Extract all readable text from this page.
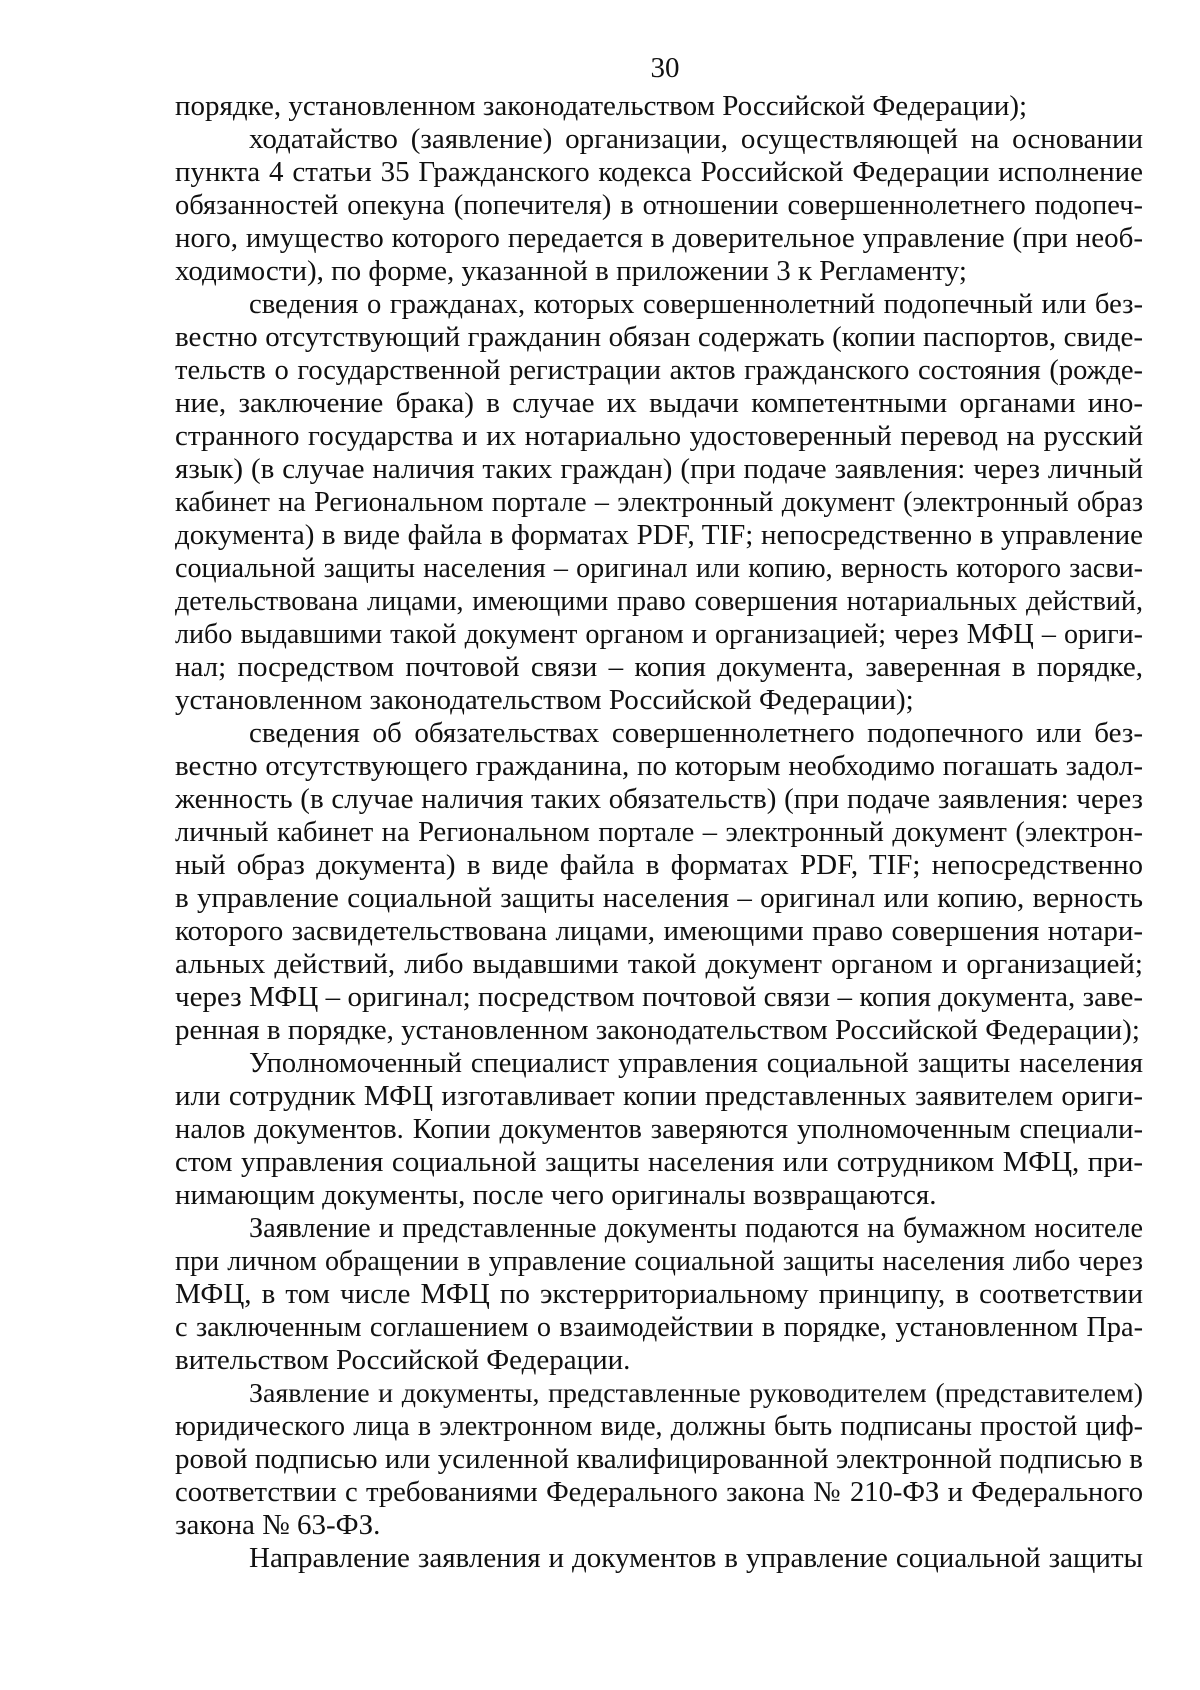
30
порядке, установленном законодательством Российской Федерации);
ходатайство (заявление) организации, осуществляющей на основании
пункта 4 статьи 35 Гражданского кодекса Российской Федерации исполнение
обязанностей опекуна (попечителя) в отношении совершеннолетнего подопеч-
ного, имущество которого передается в доверительное управление (при необ-
ходимости), по форме, указанной в приложении 3 к Регламенту;
сведения о гражданах, которых совершеннолетний подопечный или без-
вестно отсутствующий гражданин обязан содержать (копии паспортов, свиде-
тельств о государственной регистрации актов гражданского состояния (рожде-
ние, заключение брака) в случае их выдачи компетентными органами ино-
странного государства и их нотариально удостоверенный перевод на русский
язык) (в случае наличия таких граждан) (при подаче заявления: через личный
кабинет на Региональном портале – электронный документ (электронный образ
документа) в виде файла в форматах PDF, TIF; непосредственно в управление
социальной защиты населения – оригинал или копию, верность которого засви-
детельствована лицами, имеющими право совершения нотариальных действий,
либо выдавшими такой документ органом и организацией; через МФЦ – ориги-
нал; посредством почтовой связи – копия документа, заверенная в порядке,
установленном законодательством Российской Федерации);
сведения об обязательствах совершеннолетнего подопечного или без-
вестно отсутствующего гражданина, по которым необходимо погашать задол-
женность (в случае наличия таких обязательств) (при подаче заявления: через
личный кабинет на Региональном портале – электронный документ (электрон-
ный образ документа) в виде файла в форматах PDF, TIF; непосредственно
в управление социальной защиты населения – оригинал или копию, верность
которого засвидетельствована лицами, имеющими право совершения нотари-
альных действий, либо выдавшими такой документ органом и организацией;
через МФЦ – оригинал; посредством почтовой связи – копия документа, заве-
ренная в порядке, установленном законодательством Российской Федерации);
Уполномоченный специалист управления социальной защиты населения
или сотрудник МФЦ изготавливает копии представленных заявителем ориги-
налов документов. Копии документов заверяются уполномоченным специали-
стом управления социальной защиты населения или сотрудником МФЦ, при-
нимающим документы, после чего оригиналы возвращаются.
Заявление и представленные документы подаются на бумажном носителе
при личном обращении в управление социальной защиты населения либо через
МФЦ, в том числе МФЦ по экстерриториальному принципу, в соответствии
с заключенным соглашением о взаимодействии в порядке, установленном Пра-
вительством Российской Федерации.
Заявление и документы, представленные руководителем (представителем)
юридического лица в электронном виде, должны быть подписаны простой циф-
ровой подписью или усиленной квалифицированной электронной подписью в
соответствии с требованиями Федерального закона № 210-ФЗ и Федерального
закона № 63-ФЗ.
Направление заявления и документов в управление социальной защиты
